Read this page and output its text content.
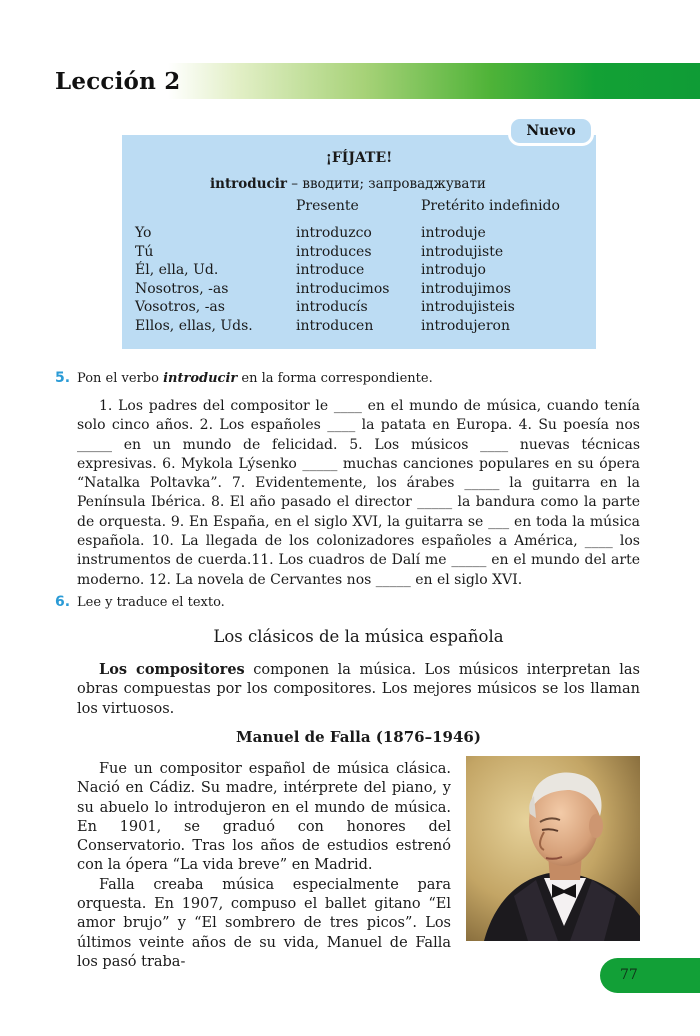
Lección 2
Nuevo
¡FÍJATE!
introducir – вводити; запроваджувати
	Presente	Pretérito indefinido
Yo	introduzco	introduje
Tú	introduces	introdujiste
Él, ella, Ud.	introduce	introdujo
Nosotros, -as	introducimos	introdujimos
Vosotros, -as	introducís	introdujisteis
Ellos, ellas, Uds.	introducen	introdujeron
5. Pon el verbo introducir en la forma correspondiente.

1. Los padres del compositor le ____ en el mundo de música, cuando tenía solo cinco años. 2. Los españoles ____ la patata en Europa. 4. Su poesía nos _____ en un mundo de felicidad. 5. Los músicos ____ nuevas técnicas expresivas. 6. Mykola Lýsenko _____ muchas canciones populares en su ópera “Natalka Poltavka”. 7. Evidentemente, los árabes _____ la guitarra en la Península Ibérica. 8. El año pasado el director _____ la bandura como la parte de orquesta. 9. En España, en el siglo XVI, la guitarra se ___ en toda la música española. 10. La llegada de los colonizadores españoles a América, ____ los instrumentos de cuerda.11. Los cuadros de Dalí me _____ en el mundo del arte moderno. 12. La novela de Cervantes nos _____ en el siglo XVI.

6. Lee y traduce el texto.
Los clásicos de la música española

Los compositores componen la música. Los músicos interpretan las obras compuestas por los compositores. Los mejores músicos se los llaman los virtuosos.

Manuel de Falla (1876–1946)

Fue un compositor español de música clásica. Nació en Cádiz. Su madre, intérprete del piano, y su abuelo lo introdujeron en el mundo de música. En 1901, se graduó con honores del Conservatorio. Tras los años de estudios estrenó con la ópera “La vida breve” en Madrid.

Falla creaba música especialmente para orquesta. En 1907, compuso el ballet gitano “El amor brujo” y “El sombrero de tres picos”. Los últimos veinte años de su vida, Manuel de Falla los pasó traba-

77
